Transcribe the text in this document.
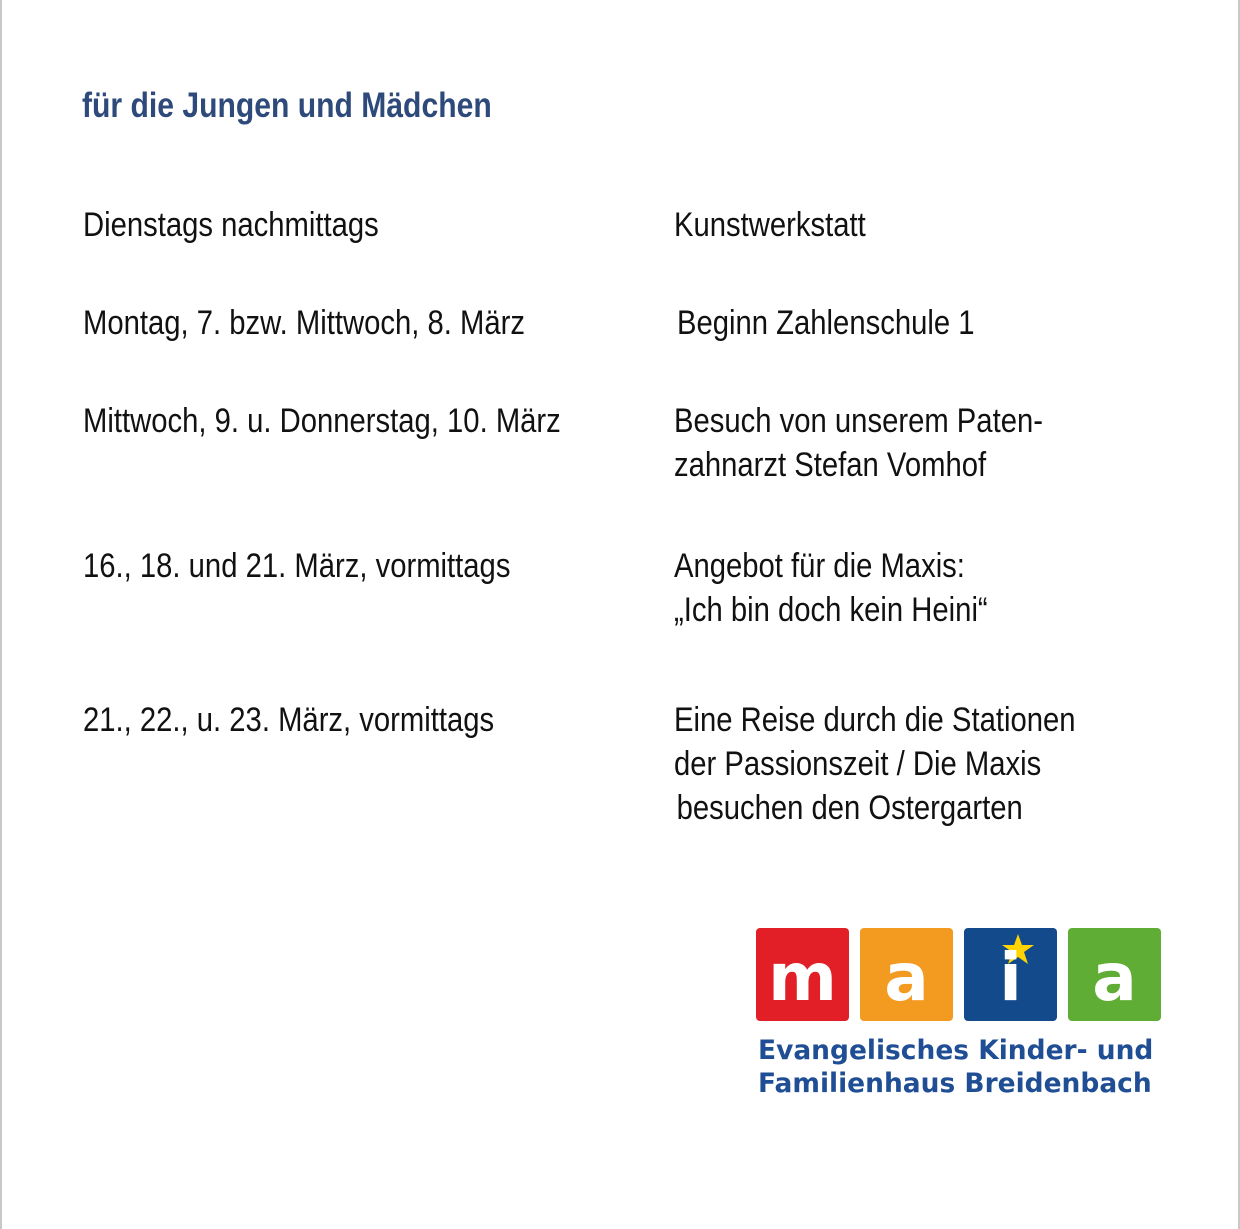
für die Jungen und Mädchen
Dienstags nachmittags	Kunstwerkstatt
Montag, 7. bzw. Mittwoch, 8. März	Beginn Zahlenschule 1
Mittwoch, 9. u. Donnerstag, 10. März	Besuch von unserem Paten-
zahnarzt Stefan Vomhof
16., 18. und 21. März, vormittags	Angebot für die Maxis:
„Ich bin doch kein Heini“
21., 22., u. 23. März, vormittags	Eine Reise durch die Stationen
der Passionszeit / Die Maxis
besuchen den Ostergarten
m a	i	a
Evangelisches Kinder- und
Familienhaus Breidenbach
